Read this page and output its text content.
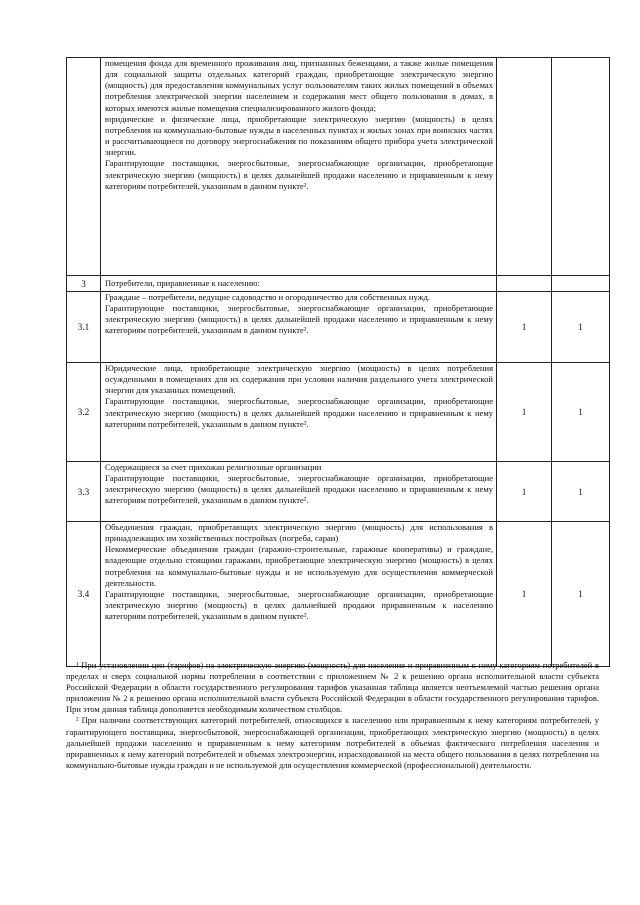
	помещения фонда для временного проживания лиц, признанных беженцами, а также жилые помещения для социальной защиты отдельных категорий граждан, приобретающие электрическую энергию (мощность) для предоставления коммунальных услуг пользователям таких жилых помещений в объемах потребления электрической энергии населением и содержания мест общего пользования в домах, в которых имеются жилые помещения специализированного жилого фонда;
юридические и физические лица, приобретающие электрическую энергию (мощность) в целях потребления на коммунально-бытовые нужды в населенных пунктах и жилых зонах при воинских частях и рассчитывающиеся по договору энергоснабжения по показаниям общего прибора учета электрической энергии.
Гарантирующие поставщики, энергосбытовые, энергоснабжающие организации, приобретающие электрическую энергию (мощность) в целях дальнейшей продажи населению и приравненным к нему категориям потребителей, указанным в данном пункте².		

3	Потребители, приравненные к населению:		

3.1	Граждане – потребители, ведущие садоводство и огородничество для собственных нужд.
Гарантирующие поставщики, энергосбытовые, энергоснабжающие организации, приобретающие электрическую энергию (мощность) в целях дальнейшей продажи населению и приравненным к нему категориям потребителей, указанным в данном пункте².	1	1
3.2	Юридические лица, приобретающие электрическую энергию (мощность) в целях потребления осужденными в помещениях для их содержания при условии наличия раздельного учета электрической энергии для указанных помещений.
Гарантирующие поставщики, энергосбытовые, энергоснабжающие организации, приобретающие электрическую энергию (мощность) в целях дальнейшей продажи населению и приравненным к нему категориям потребителей, указанным в данном пункте².	1	1
3.3	Содержащиеся за счет прихожан религиозные организации
Гарантирующие поставщики, энергосбытовые, энергоснабжающие организации, приобретающие электрическую энергию (мощность) в целях дальнейшей продажи населению и приравненным к нему категориям потребителей, указанным в данном пункте².	1	1
3.4	Объединения граждан, приобретающих электрическую энергию (мощность) для использования в принадлежащих им хозяйственных постройках (погреба, сараи)
Некоммерческие объединения граждан (гаражно-строительные, гаражные кооперативы) и граждане, владеющие отдельно стоящими гаражами, приобретающие электрическую энергию (мощность) в целях потребления на коммунально-бытовые нужды и не используемую для осуществления коммерческой деятельности.
Гарантирующие поставщики, энергосбытовые, энергоснабжающие организации, приобретающие электрическую энергию (мощность) в целях дальнейшей продажи приравненным к населению категориям потребителей, указанным в данном пункте².	1	1

¹ При установлении цен (тарифов) на электрическую энергию (мощность) для населения и приравненным к нему категориям потребителей в пределах и сверх социальной нормы потребления в соответствии с приложением № 2 к решению органа исполнительной власти субъекта Российской Федерации в области государственного регулирования тарифов указанная таблица является неотъемлемой частью решения органа приложения № 2 к решению органа исполнительной власти субъекта Российской Федерации в области государственного регулирования тарифов. При этом данная таблица дополняется необходимым количеством столбцов.

² При наличии соответствующих категорий потребителей, относящихся к населению или приравненным к нему категориям потребителей, у гарантирующего поставщика, энергосбытовой, энергоснабжающей организации, приобретающих электрическую энергию (мощность) в целях дальнейшей продажи населению и приравненным к нему категориям потребителей в объемах фактического потребления населения и приравненных к нему категорий потребителей и объемах электроэнергии, израсходованной на места общего пользования в целях потребления на коммунально-бытовые нужды граждан и не используемой для осуществления коммерческой (профессиональной) деятельности.
